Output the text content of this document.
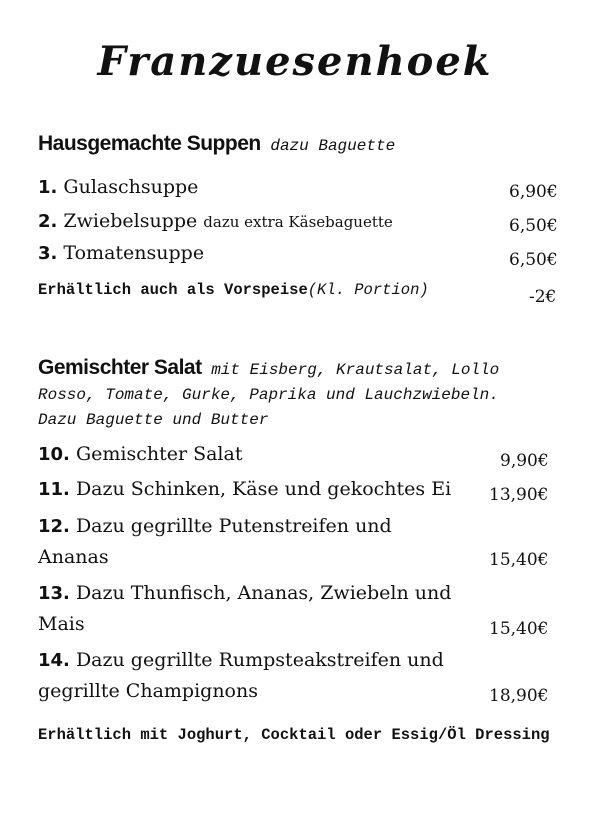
Franzuesenhoek
Hausgemachte Suppen dazu Baguette
1. Gulaschsuppe	6,90€
2. Zwiebelsuppe dazu extra Käsebaguette	6,50€
3. Tomatensuppe	6,50€
Erhältlich auch als Vorspeise(Kl. Portion)	-2€
Gemischter Salat mit Eisberg, Krautsalat, Lollo
Rosso, Tomate, Gurke, Paprika und Lauchzwiebeln.
Dazu Baguette und Butter
10. Gemischter Salat	9,90€
11. Dazu Schinken, Käse und gekochtes Ei	13,90€
12. Dazu gegrillte Putenstreifen und
Ananas	15,40€
13. Dazu Thunfisch, Ananas, Zwiebeln und
Mais	15,40€
14. Dazu gegrillte Rumpsteakstreifen und
gegrillte Champignons	18,90€
Erhältlich mit Joghurt, Cocktail oder Essig/Öl Dressing
